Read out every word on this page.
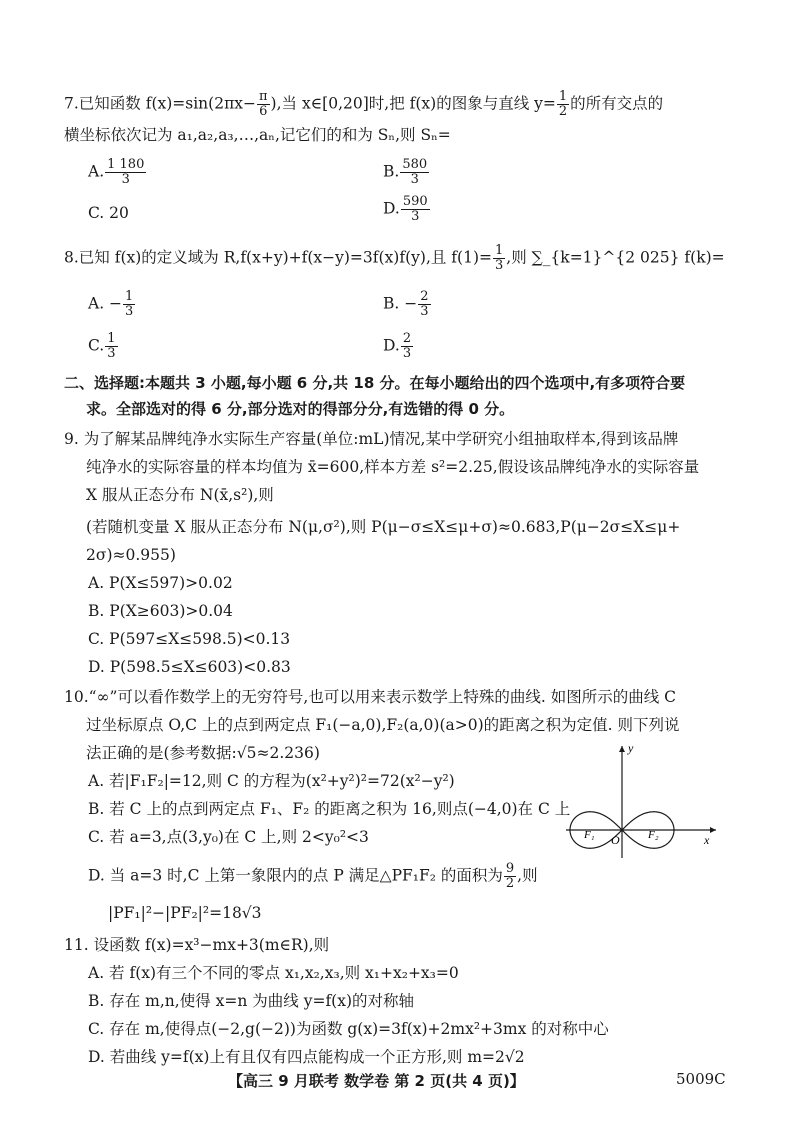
7.已知函数 $f(x)=\sin(2\pi x- \frac{\pi}{6}$ ),当 x∈[0,20]时,把 f(x)的图象与直线 $y= \frac{1}{2}$ 的所有交点的
横坐标依次记为 a₁,a₂,a₃,…,aₙ,记它们的和为 Sₙ,则 Sₙ=
A. $\frac{1 180}{3}$	B. $\frac{580}{3}$
C. 20	D. $\frac{590}{3}$
8.已知 f(x)的定义域为 R,f(x+y)+f(x−y)=3f(x)f(y),且 $f(1)= \frac{1}{3}$ ,则 ∑_{k=1}^{2 025} f(k)=
A. − $\frac{1}{3}$	B. − $\frac{2}{3}$
C. $\frac{1}{3}$	D. $\frac{2}{3}$
二、选择题:本题共 3 小题,每小题 6 分,共 18 分。在每小题给出的四个选项中,有多项符合要
求。全部选对的得 6 分,部分选对的得部分分,有选错的得 0 分。
9. 为了解某品牌纯净水实际生产容量(单位:mL)情况,某中学研究小组抽取样本,得到该品牌
纯净水的实际容量的样本均值为 x̄=600,样本方差 s²=2.25,假设该品牌纯净水的实际容量
X 服从正态分布 N(x̄,s²),则
(若随机变量 X 服从正态分布 N(μ,σ²),则 P(μ−σ≤X≤μ+σ)≈0.683,P(μ−2σ≤X≤μ+
2σ)≈0.955)
A. P(X≤597)>0.02
B. P(X≥603)>0.04
C. P(597≤X≤598.5)<0.13
D. P(598.5≤X≤603)<0.83
10.“∞”可以看作数学上的无穷符号,也可以用来表示数学上特殊的曲线. 如图所示的曲线 C
过坐标原点 O,C 上的点到两定点 F₁(−a,0),F₂(a,0)(a>0)的距离之积为定值. 则下列说
法正确的是(参考数据:√5≈2.236)
A. 若|F₁F₂|=12,则 C 的方程为(x²+y²)²=72(x²−y²)
B. 若 C 上的点到两定点 F₁、F₂ 的距离之积为 16,则点(−4,0)在 C 上
C. 若 a=3,点(3,y₀)在 C 上,则 2<y₀²<3
D. 当 a=3 时,C 上第一象限内的点 P 满足△PF₁F₂ 的面积为 $\frac{9}{2}$ ,则
|PF₁|²−|PF₂|²=18√3
y
x
O
F₁	F₂
11. 设函数 f(x)=x³−mx+3(m∈R),则
A. 若 f(x)有三个不同的零点 x₁,x₂,x₃,则 x₁+x₂+x₃=0
B. 存在 m,n,使得 x=n 为曲线 y=f(x)的对称轴
C. 存在 m,使得点(−2,g(−2))为函数 g(x)=3f(x)+2mx²+3mx 的对称中心
D. 若曲线 y=f(x)上有且仅有四点能构成一个正方形,则 m=2√2
【高三 9 月联考 数学卷 第 2 页(共 4 页)】	5009C
